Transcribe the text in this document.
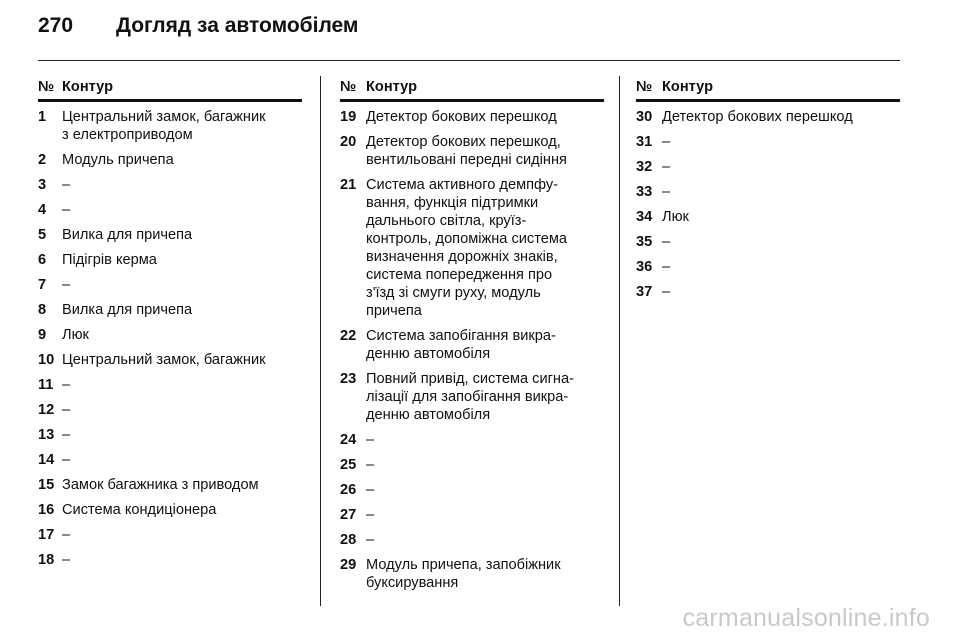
270	Догляд за автомобілем
№ Контур
1	Центральний замок, багажник
з електроприводом
2	Модуль причепа
3	–
4	–
5	Вилка для причепа
6	Підігрів керма
7	–
8	Вилка для причепа
9	Люк
10 Центральний замок, багажник
11 –
12 –
13 –
14 –
15 Замок багажника з приводом
16 Система кондиціонера
17 –
18 –
№ Контур
19 Детектор бокових перешкод
20 Детектор бокових перешкод,
вентильовані передні сидіння
21 Система активного демпфу-
вання, функція підтримки
дальнього світла, круїз-
контроль, допоміжна система
визначення дорожніх знаків,
система попередження про
з'їзд зі смуги руху, модуль
причепа
22 Система запобігання викра-
денню автомобіля
23 Повний привід, система сигна-
лізації для запобігання викра-
денню автомобіля
24 –
25 –
26 –
27 –
28 –
29 Модуль причепа, запобіжник
буксирування
№ Контур
30 Детектор бокових перешкод
31 –
32 –
33 –
34 Люк
35 –
36 –
37 –
carmanualsonline.info
